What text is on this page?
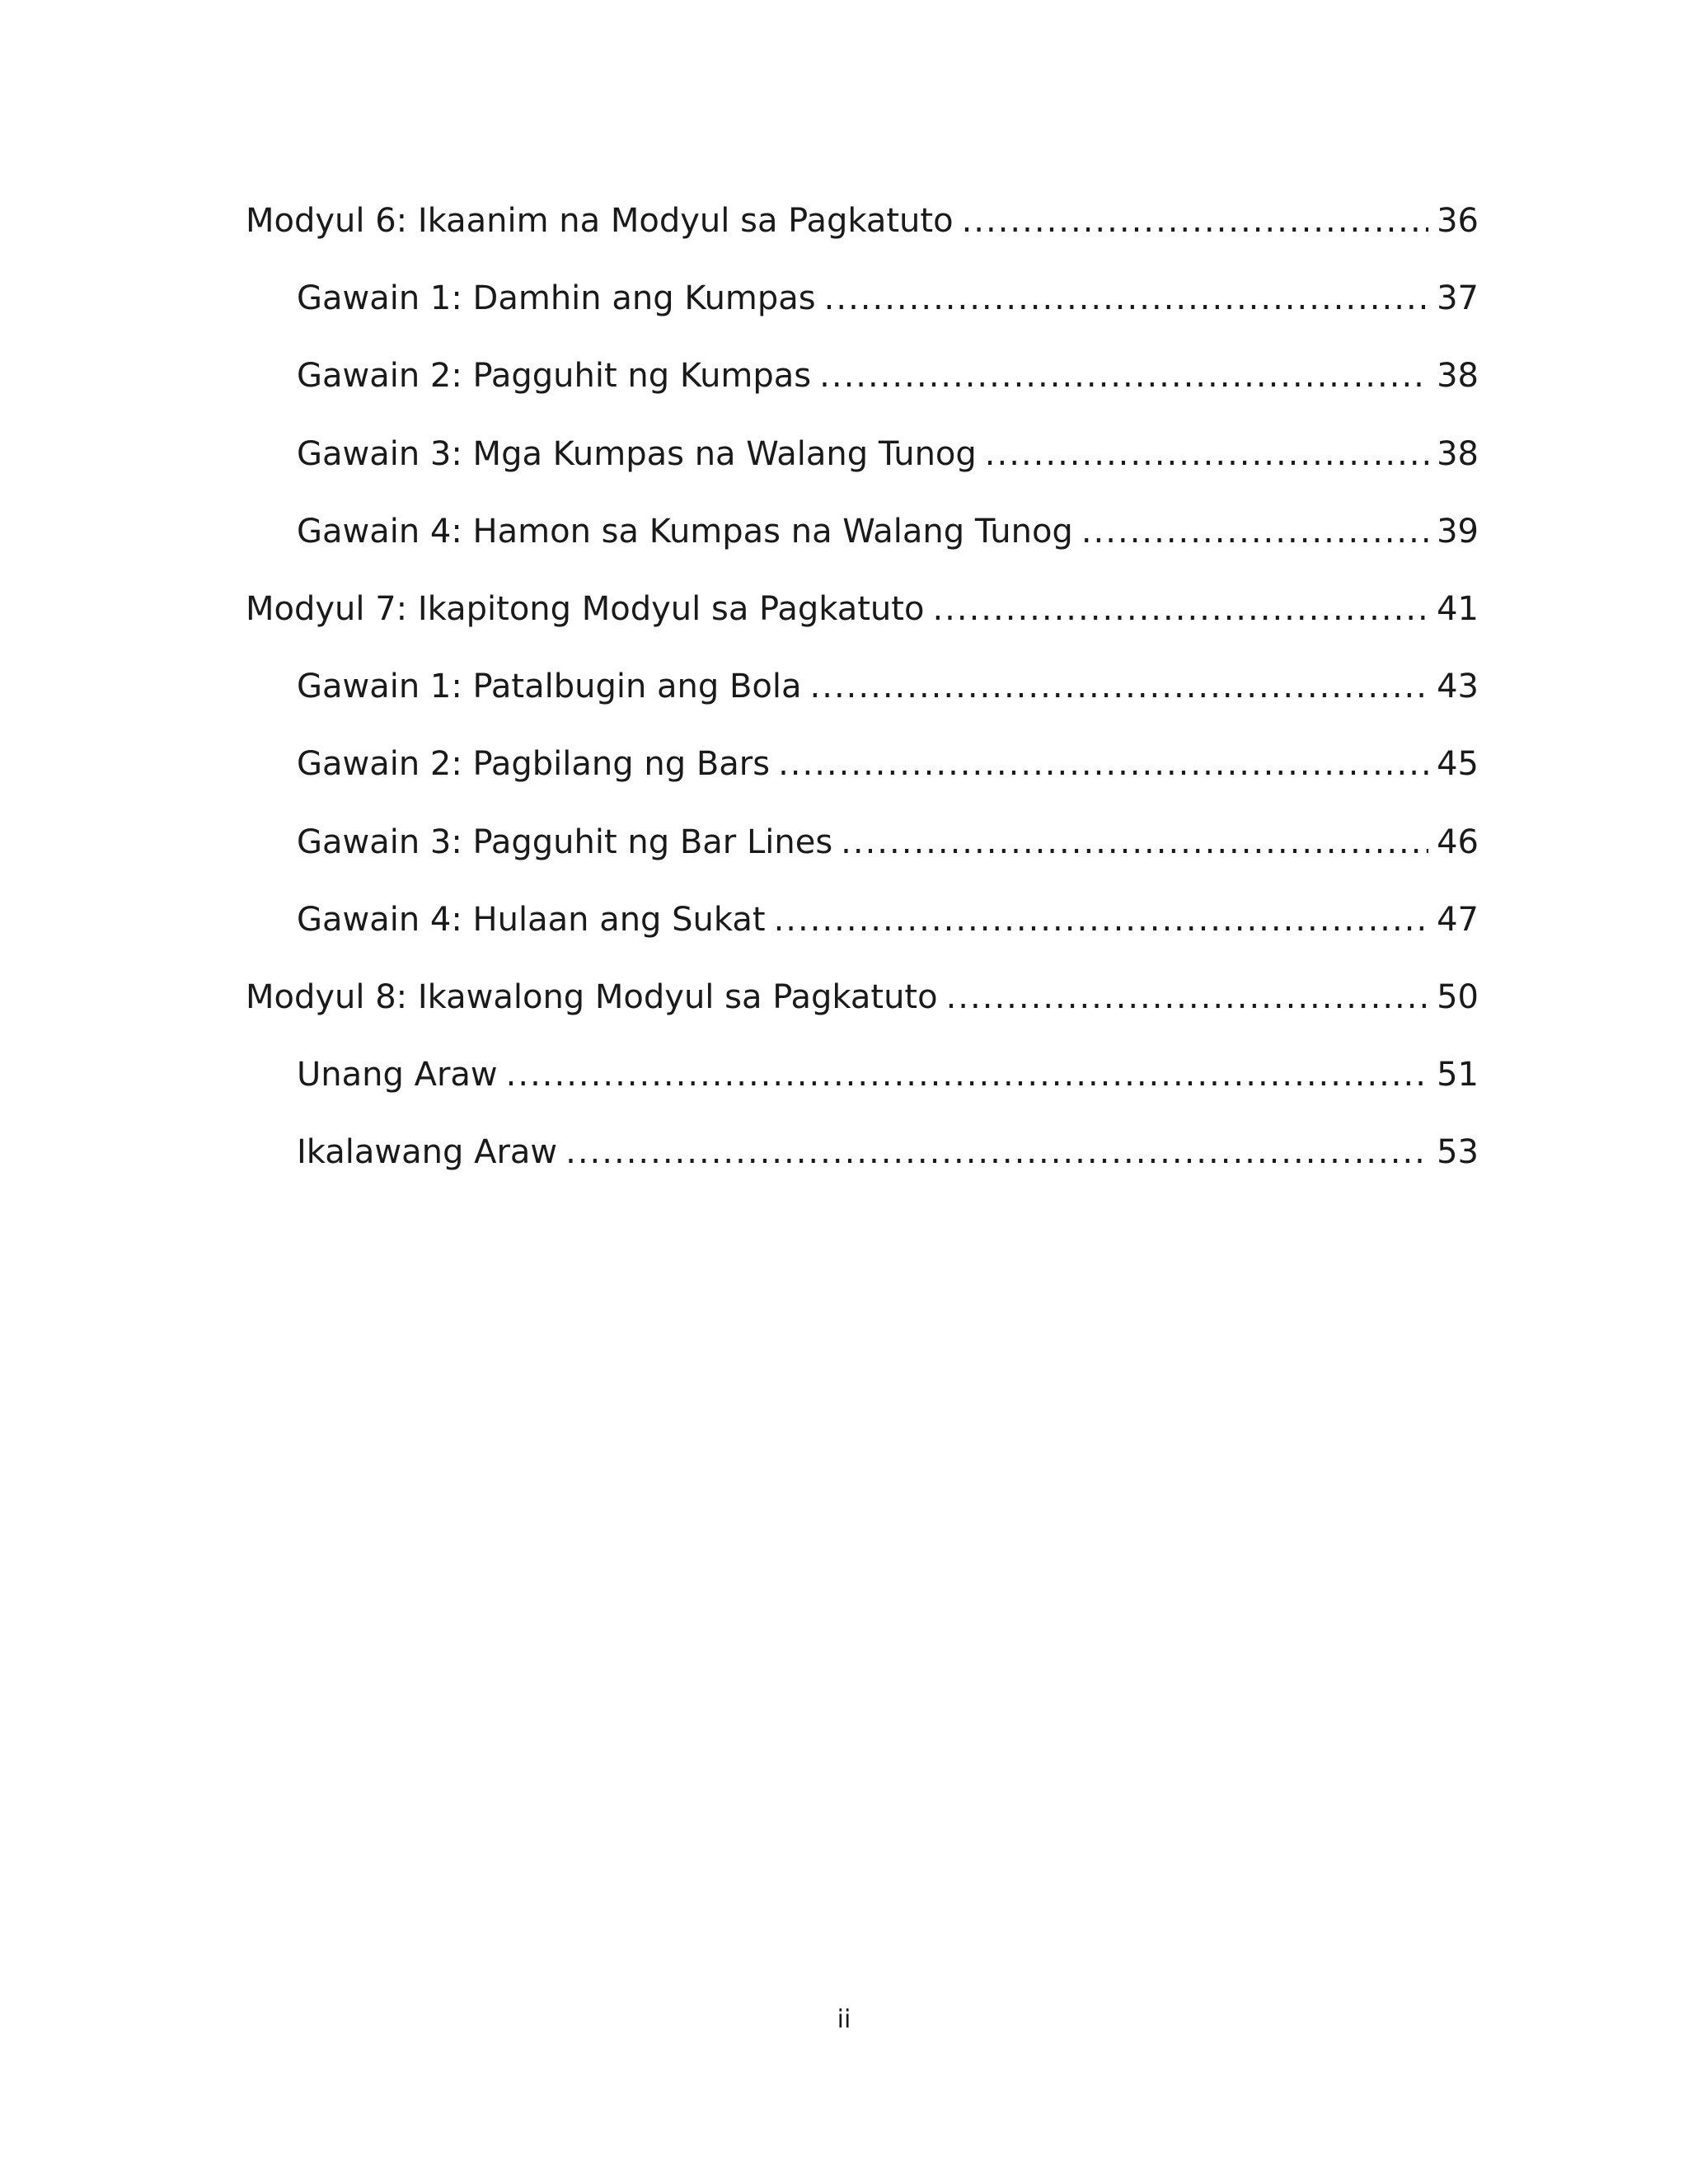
Modyul 6: Ikaanim na Modyul sa Pagkatuto .....	36
Gawain 1: Damhin ang Kumpas .....	37
Gawain 2: Pagguhit ng Kumpas .....	38
Gawain 3: Mga Kumpas na Walang Tunog .....	38
Gawain 4: Hamon sa Kumpas na Walang Tunog .....	39
Modyul 7: Ikapitong Modyul sa Pagkatuto .....	41
Gawain 1: Patalbugin ang Bola .....	43
Gawain 2: Pagbilang ng Bars .....	45
Gawain 3: Pagguhit ng Bar Lines .....	46
Gawain 4: Hulaan ang Sukat .....	47
Modyul 8: Ikawalong Modyul sa Pagkatuto .....	50
Unang Araw .....	51
Ikalawang Araw .....	53
ii
